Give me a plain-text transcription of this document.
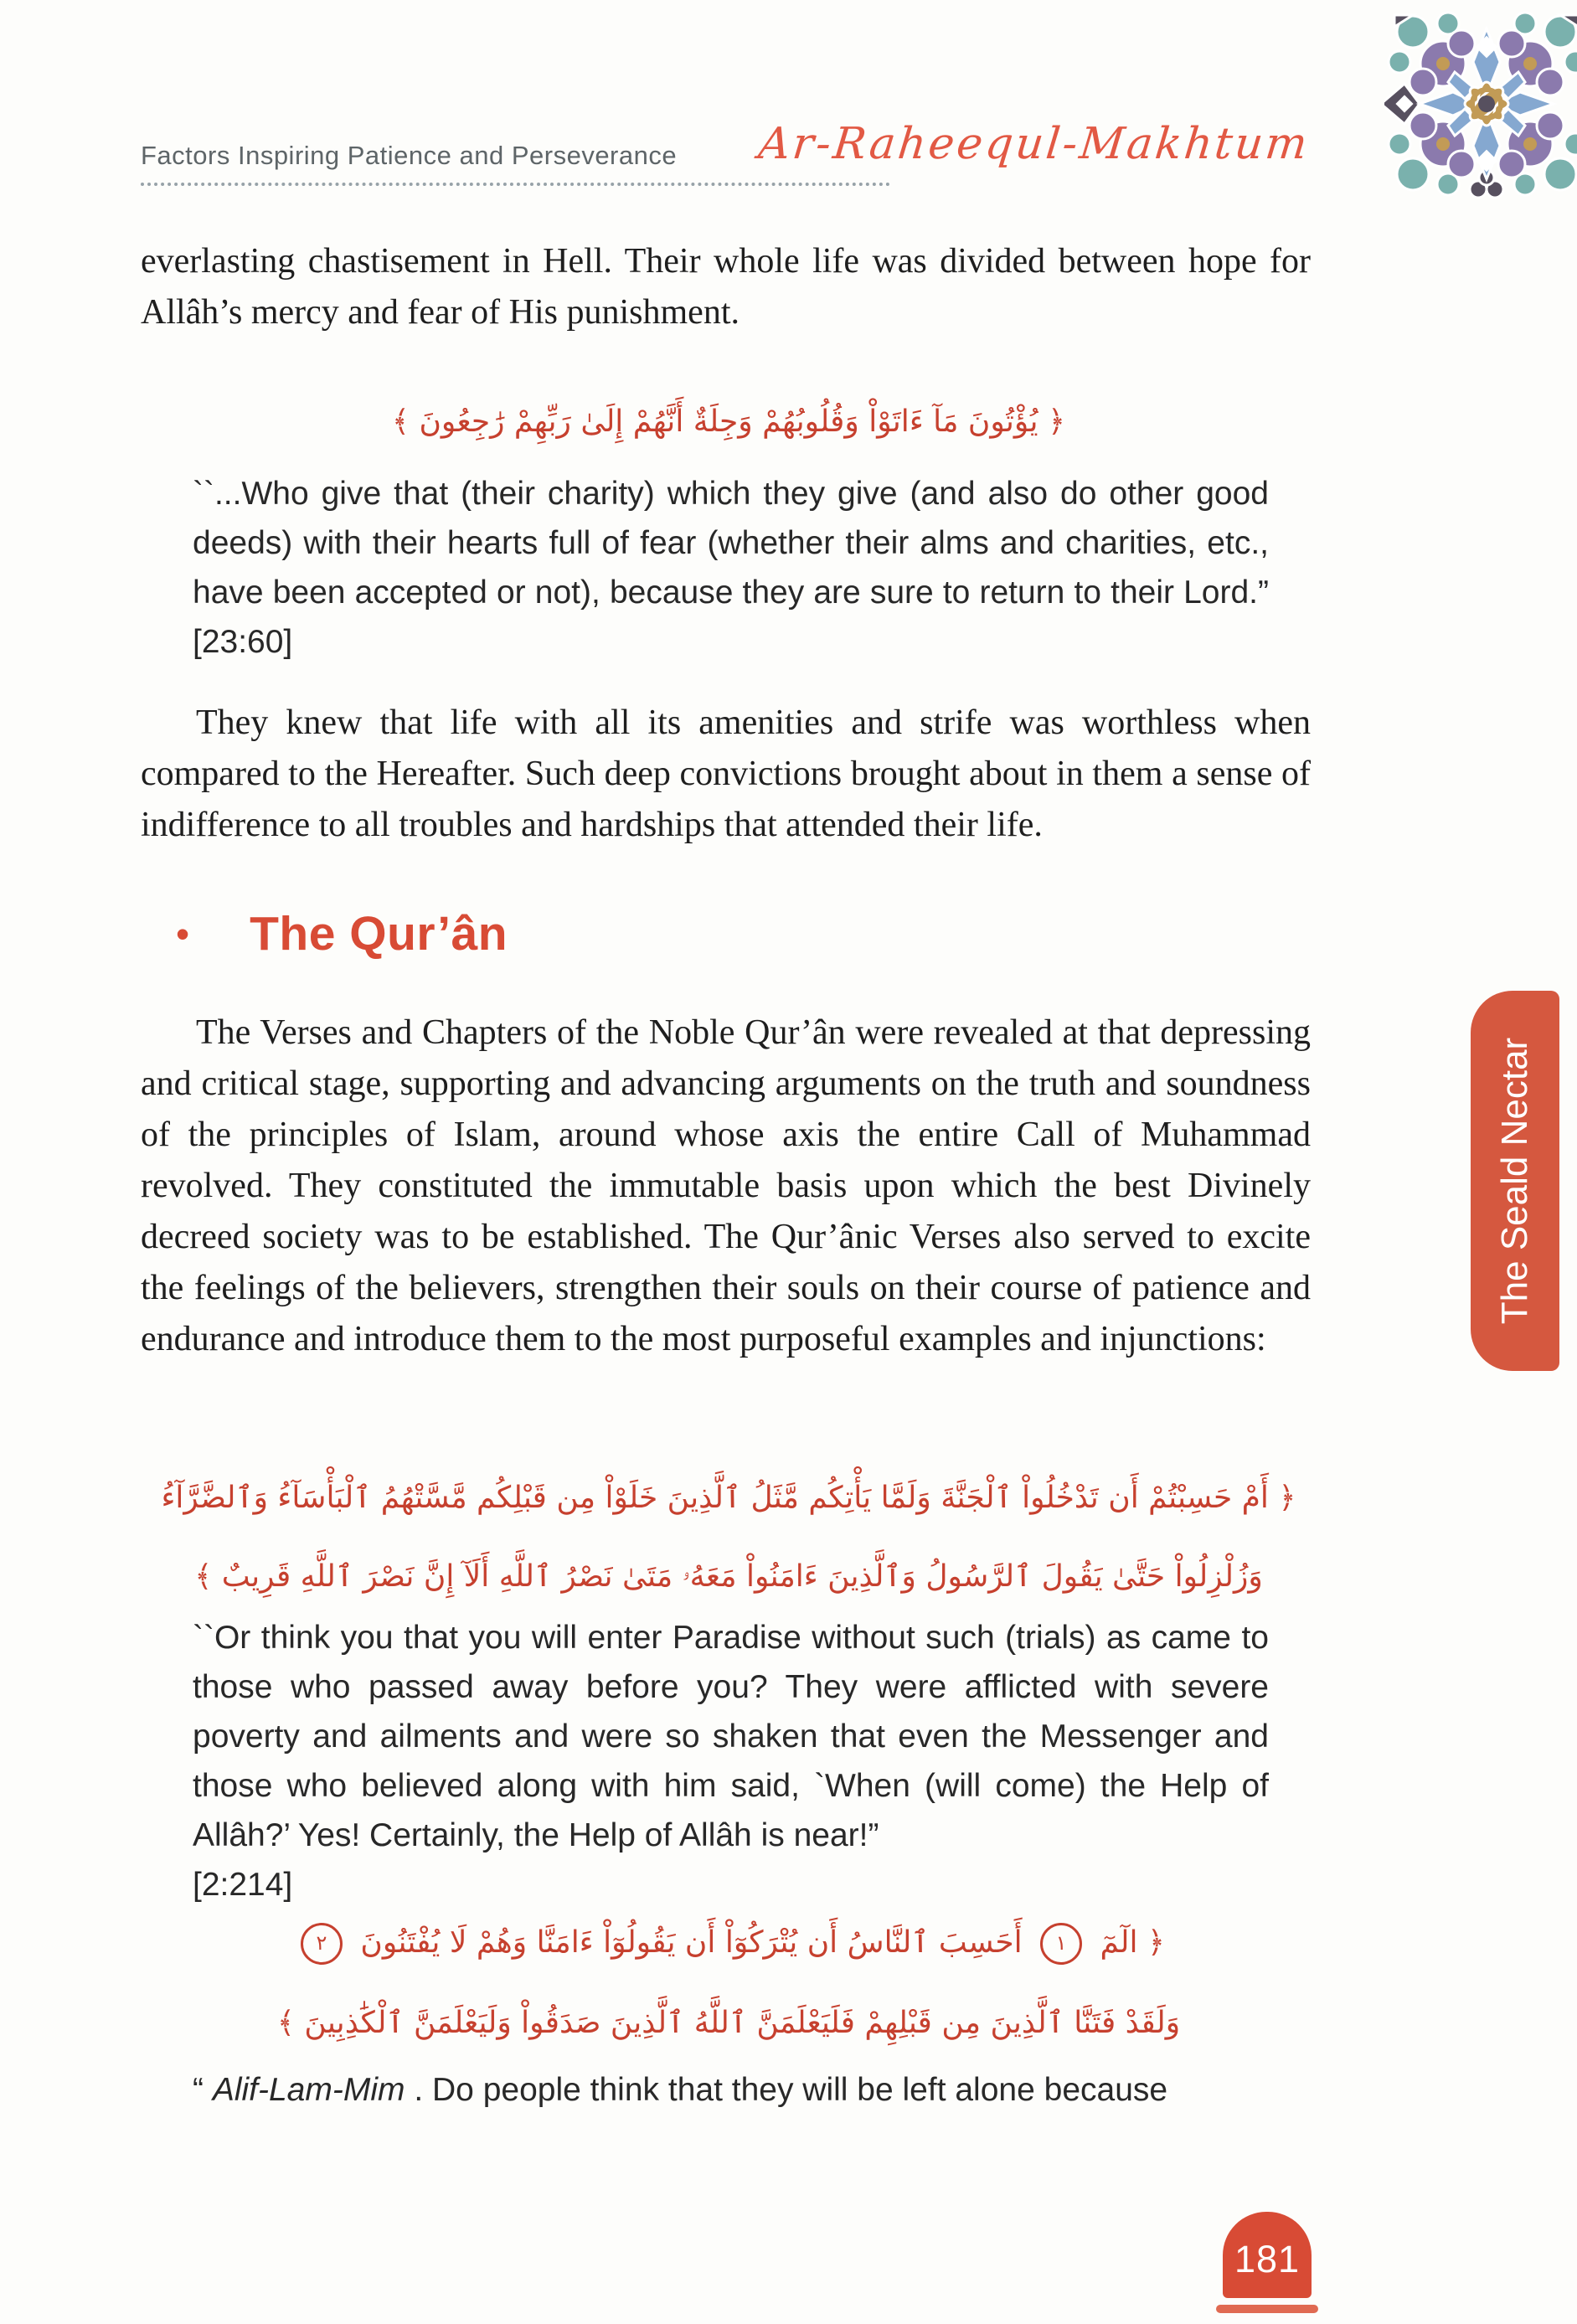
Factors Inspiring Patience and Perseverance Ar-Raheequl-Makhtum

everlasting chastisement in Hell. Their whole life was divided between hope for Allâh’s mercy and fear of His punishment.

﴿ يُؤْتُونَ مَآ ءَاتَوْاْ وَقُلُوبُهُمْ وَجِلَةٌ أَنَّهُمْ إِلَىٰ رَبِّهِمْ رَٰجِعُونَ ﴾
``...Who give that (their charity) which they give (and also do other good deeds) with their hearts full of fear (whether their alms and charities, etc., have been accepted or not), because they are sure to return to their Lord.” [23:60]

They knew that life with all its amenities and strife was worthless when compared to the Hereafter. Such deep convictions brought about in them a sense of indifference to all troubles and hardships that attended their life.

• The Qur’ân

The Verses and Chapters of the Noble Qur’ân were revealed at that depressing and critical stage, supporting and advancing arguments on the truth and soundness of the principles of Islam, around whose axis the entire Call of Muhammad revolved. They constituted the immutable basis upon which the best Divinely decreed society was to be established. The Qur’ânic Verses also served to excite the feelings of the believers, strengthen their souls on their course of patience and endurance and introduce them to the most purposeful examples and injunctions:

﴿ أَمْ حَسِبْتُمْ أَن تَدْخُلُواْ ٱلْجَنَّةَ وَلَمَّا يَأْتِكُم مَّثَلُ ٱلَّذِينَ خَلَوْاْ مِن قَبْلِكُم مَّسَّتْهُمُ ٱلْبَأْسَآءُ وَٱلضَّرَّآءُ
وَزُلْزِلُواْ حَتَّىٰ يَقُولَ ٱلرَّسُولُ وَٱلَّذِينَ ءَامَنُواْ مَعَهُۥ مَتَىٰ نَصْرُ ٱللَّهِ أَلَآ إِنَّ نَصْرَ ٱللَّهِ قَرِيبٌ ﴾
``Or think you that you will enter Paradise without such (trials) as came to those who passed away before you? They were afflicted with severe poverty and ailments and were so shaken that even the Messenger and those who believed along with him said, `When (will come) the Help of Allâh?’ Yes! Certainly, the Help of Allâh is near!”
[2:214]
﴿ الٓمٓ ١ أَحَسِبَ ٱلنَّاسُ أَن يُتْرَكُوٓاْ أَن يَقُولُوٓاْ ءَامَنَّا وَهُمْ لَا يُفْتَنُونَ ٢
وَلَقَدْ فَتَنَّا ٱلَّذِينَ مِن قَبْلِهِمْ فَلَيَعْلَمَنَّ ٱللَّهُ ٱلَّذِينَ صَدَقُواْ وَلَيَعْلَمَنَّ ٱلْكَٰذِبِينَ ﴾
“ Alif-Lam-Mim . Do people think that they will be left alone because
The Seald Nectar
181
